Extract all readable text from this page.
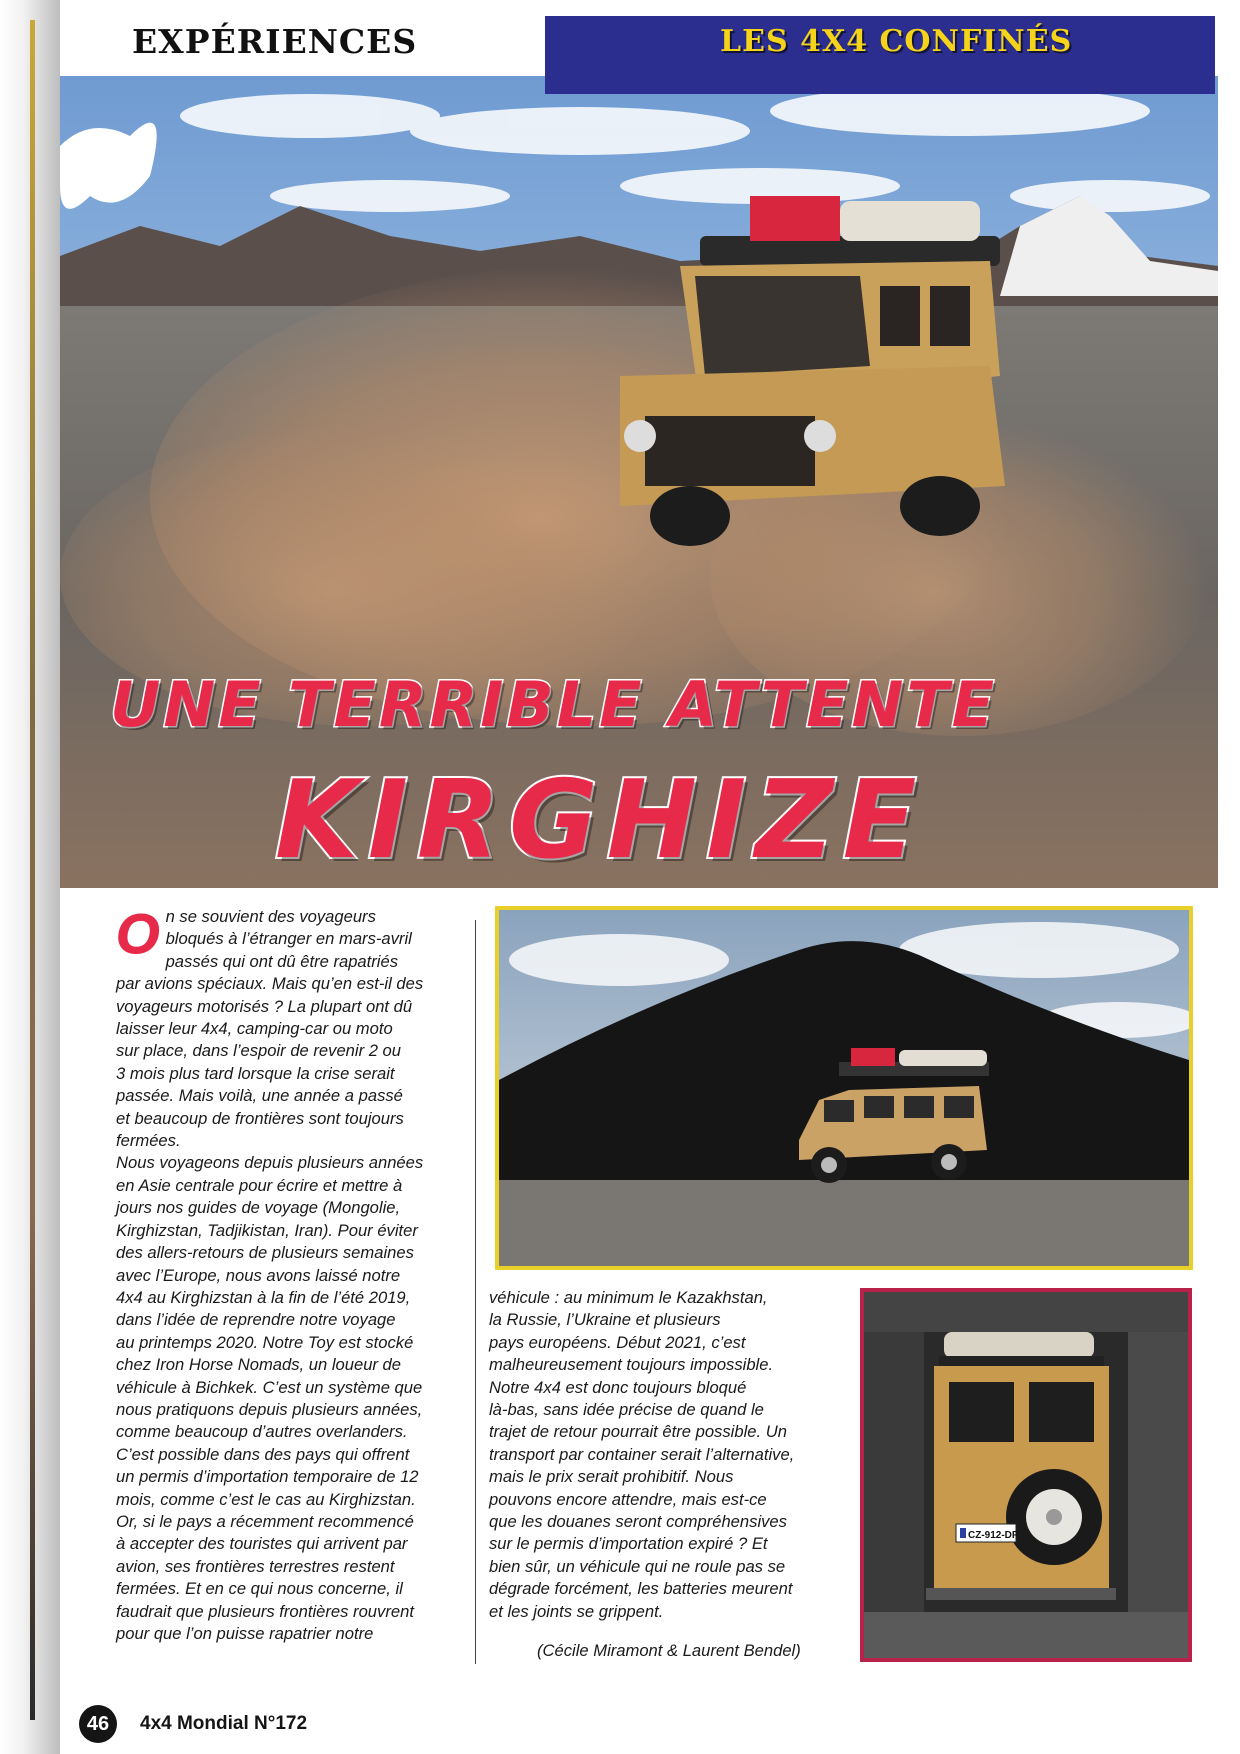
EXPÉRIENCES	LES 4X4 CONFINÉS
UNE TERRIBLE ATTENTE
KIRGHIZE
O n se souvient des voyageurs
bloqués à l’étranger en mars-avril
passés qui ont dû être rapatriés
par avions spéciaux. Mais qu’en est-il des
voyageurs motorisés ? La plupart ont dû
laisser leur 4x4, camping-car ou moto
sur place, dans l’espoir de revenir 2 ou
3 mois plus tard lorsque la crise serait
passée. Mais voilà, une année a passé
et beaucoup de frontières sont toujours
fermées.
Nous voyageons depuis plusieurs années
en Asie centrale pour écrire et mettre à
jours nos guides de voyage (Mongolie,
Kirghizstan, Tadjikistan, Iran). Pour éviter
des allers-retours de plusieurs semaines
avec l’Europe, nous avons laissé notre
4x4 au Kirghizstan à la fin de l’été 2019,
dans l’idée de reprendre notre voyage
au printemps 2020. Notre Toy est stocké
chez Iron Horse Nomads, un loueur de
véhicule à Bichkek. C’est un système que
nous pratiquons depuis plusieurs années,
comme beaucoup d’autres overlanders.
C’est possible dans des pays qui offrent
un permis d’importation temporaire de 12
mois, comme c’est le cas au Kirghizstan.
Or, si le pays a récemment recommencé
à accepter des touristes qui arrivent par
avion, ses frontières terrestres restent
fermées. Et en ce qui nous concerne, il
faudrait que plusieurs frontières rouvrent
pour que l’on puisse rapatrier notre
CZ-912-DP
véhicule : au minimum le Kazakhstan,
la Russie, l’Ukraine et plusieurs
pays européens. Début 2021, c’est
malheureusement toujours impossible.
Notre 4x4 est donc toujours bloqué
là-bas, sans idée précise de quand le
trajet de retour pourrait être possible. Un
transport par container serait l’alternative,
mais le prix serait prohibitif. Nous
pouvons encore attendre, mais est-ce
que les douanes seront compréhensives
sur le permis d’importation expiré ? Et
bien sûr, un véhicule qui ne roule pas se
dégrade forcément, les batteries meurent
et les joints se grippent.
(Cécile Miramont & Laurent Bendel)
46	4x4 Mondial N°172
